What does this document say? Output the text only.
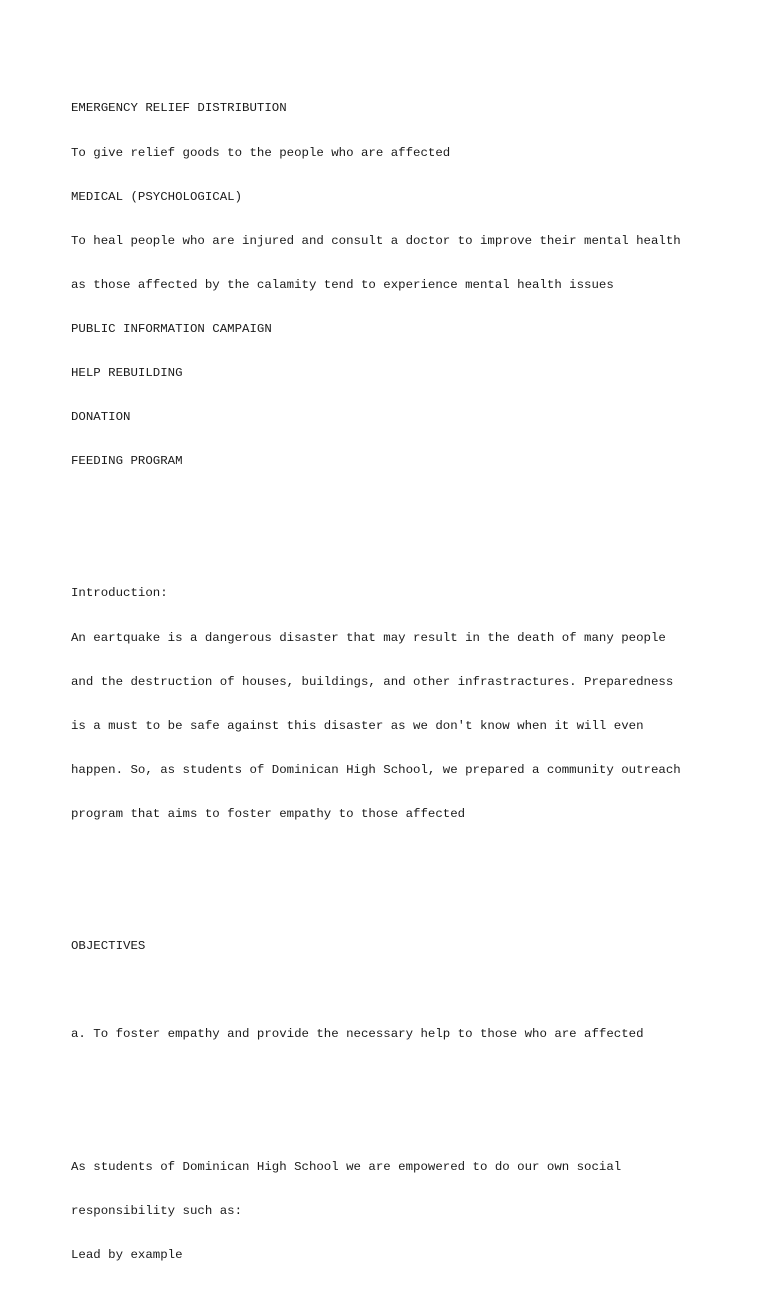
EMERGENCY RELIEF DISTRIBUTION

To give relief goods to the people who are affected

MEDICAL (PSYCHOLOGICAL)

To heal people who are injured and consult a doctor to improve their mental health

as those affected by the calamity tend to experience mental health issues

PUBLIC INFORMATION CAMPAIGN

HELP REBUILDING

DONATION

FEEDING PROGRAM

Introduction:

An eartquake is a dangerous disaster that may result in the death of many people

and the destruction of houses, buildings, and other infrastractures. Preparedness

is a must to be safe against this disaster as we don't know when it will even

happen. So, as students of Dominican High School, we prepared a community outreach

program that aims to foster empathy to those affected

OBJECTIVES

a. To foster empathy and provide the necessary help to those who are affected

As students of Dominican High School we are empowered to do our own social

responsibility such as:

Lead by example
